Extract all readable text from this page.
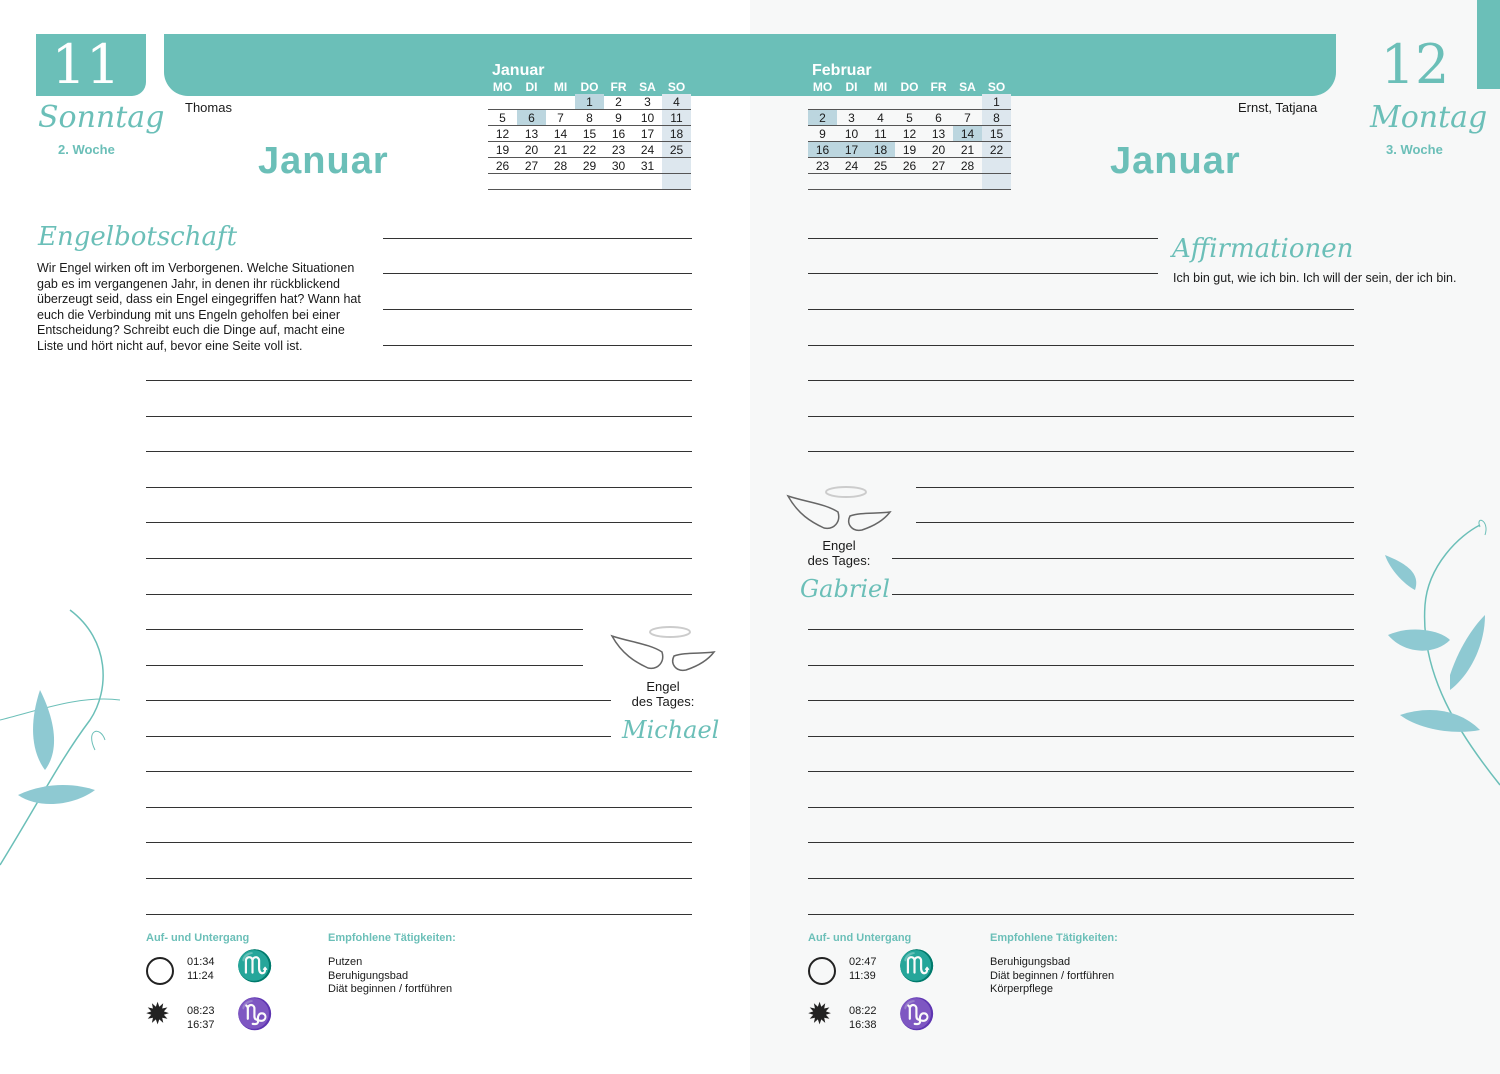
11
Sonntag
2. Woche
Thomas
Januar
12
Montag
3. Woche
Ernst, Tatjana
Januar
Januar
MO	DI	MI	DO	FR	SA	SO
			1	2	3	4
5	6	7	8	9	10	11
12	13	14	15	16	17	18
19	20	21	22	23	24	25
26	27	28	29	30	31	

Februar
MO	DI	MI	DO	FR	SA	SO
						1
2	3	4	5	6	7	8
9	10	11	12	13	14	15
16	17	18	19	20	21	22
23	24	25	26	27	28	

Engelbotschaft
Wir Engel wirken oft im Verborgenen. Welche Situationen
gab es im vergangenen Jahr, in denen ihr rückblickend
überzeugt seid, dass ein Engel eingegriffen hat? Wann hat
euch die Verbindung mit uns Engeln geholfen bei einer
Entscheidung? Schreibt euch die Dinge auf, macht eine
Liste und hört nicht auf, bevor eine Seite voll ist.
Engel
des Tages:
Michael
Affirmationen
Ich bin gut, wie ich bin. Ich will der sein, der ich bin.
Engel
des Tages:
Gabriel
Auf- und Untergang
01:34
11:24 ♏
✹ 08:23
16:37 ♑
Empfohlene Tätigkeiten:
Putzen
Beruhigungsbad
Diät beginnen / fortführen
Auf- und Untergang
02:47
11:39 ♏
✹ 08:22
16:38 ♑
Empfohlene Tätigkeiten:
Beruhigungsbad
Diät beginnen / fortführen
Körperpflege
